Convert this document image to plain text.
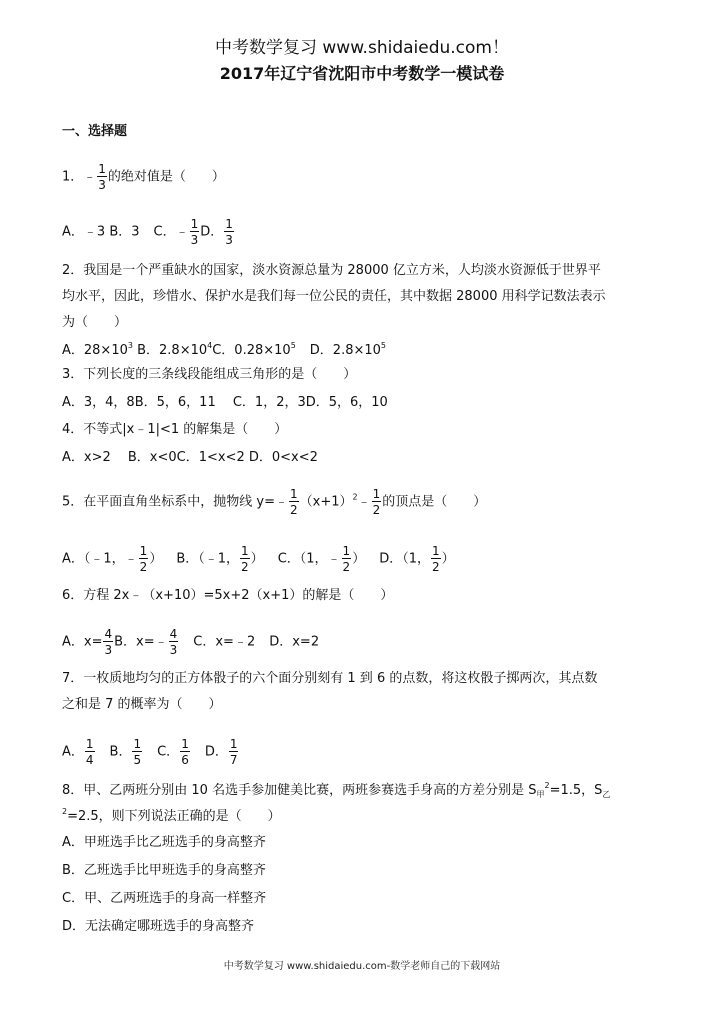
中考数学复习 www.shidaiedu.com！
2017年辽宁省沈阳市中考数学一模试卷
一、选择题
1．﹣ $\frac{1}{3}$ 的绝对值是（　　）
A．﹣3 B．3 C．﹣ $\frac{1}{3}$ D． $\frac{1}{3}$
2．我国是一个严重缺水的国家，淡水资源总量为 28000 亿立方米，人均淡水资源低于世界平
均水平，因此，珍惜水、保护水是我们每一位公民的责任，其中数据 28000 用科学记数法表示
为（　　）
A．$28\times 10^3$ B．$2.8\times 10^4C$．$0.28\times 10^5$ D．$2.8\times 10^5$
3．下列长度的三条线段能组成三角形的是（　　）
A．3，4，8B．5，6，11　 C．1，2，3D．5，6，10
4．不等式|x﹣1|<1 的解集是（　　）
A．x>2　 B．x<0C．1<x<2 D．0<x<2
5．在平面直角坐标系中，抛物线 y=﹣ $\frac{1}{2}$ $(x+1)^2﹣ \frac{1}{2}$ 的顶点是（　　）
A．（﹣1，﹣ $\frac{1}{2}$ ） B．（﹣1， $\frac{1}{2}$ ） C．（1，﹣ $\frac{1}{2}$ ） D．（1， $\frac{1}{2}$ ）
6．方程 2x﹣（x+10）=5x+2（x+1）的解是（　　）
A．$x= \frac{4}{3}$ B．x=﹣ $\frac{4}{3}$ C．x=﹣2 D．x=2
7．一枚质地均匀的正方体骰子的六个面分别刻有 1 到 6 的点数，将这枚骰子掷两次，其点数
之和是 7 的概率为（　　）
A． $\frac{1}{4}$ B． $\frac{1}{5}$ C． $\frac{1}{6}$ D． $\frac{1}{7}$
8．甲、乙两班分别由 10 名选手参加健美比赛，两班参赛选手身高的方差分别是 $S_甲^2=1.5$，$S_乙$
$^2$=2.5，则下列说法正确的是（　　）
A．甲班选手比乙班选手的身高整齐
B．乙班选手比甲班选手的身高整齐
C．甲、乙两班选手的身高一样整齐
D．无法确定哪班选手的身高整齐
中考数学复习 www.shidaiedu.com-数学老师自己的下载网站
